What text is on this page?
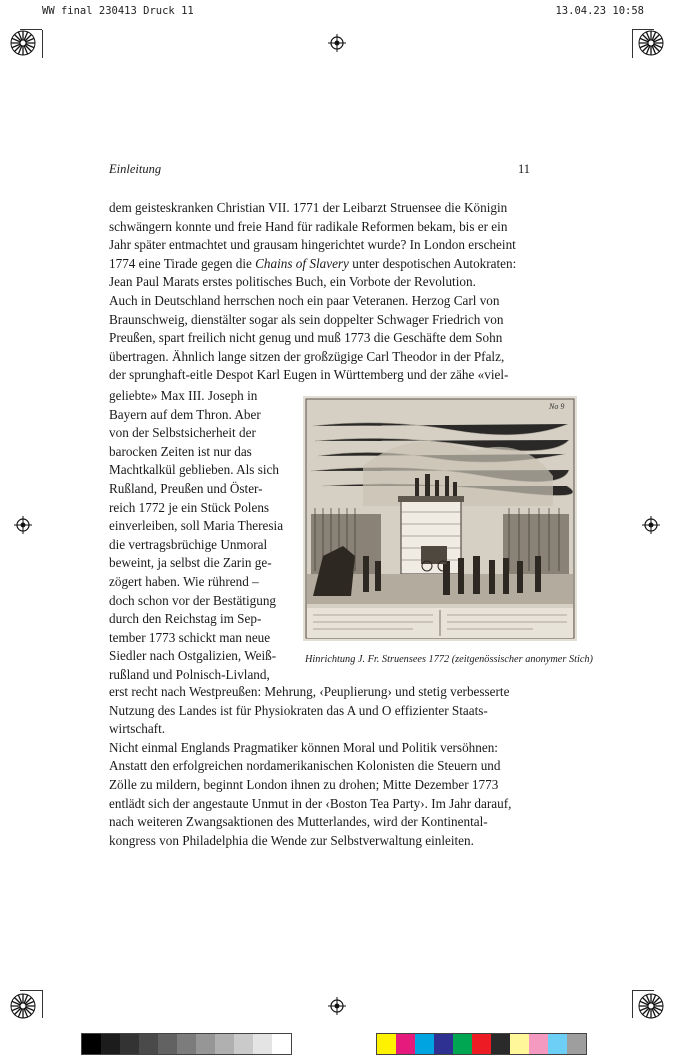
WW final 230413 Druck 11	13.04.23 10:58
Einleitung	11

dem geisteskranken Christian VII. 1771 der Leibarzt Struensee die Königin

schwängern konnte und freie Hand für radikale Reformen bekam, bis er ein

Jahr später entmachtet und grausam hingerichtet wurde? In London erscheint

1774 eine Tirade gegen die Chains of Slavery unter despotischen Autokraten:

Jean Paul Marats erstes politisches Buch, ein Vorbote der Revolution.

Auch in Deutschland herrschen noch ein paar Veteranen. Herzog Carl von

Braunschweig, dienstälter sogar als sein doppelter Schwager Friedrich von

Preußen, spart freilich nicht genug und muß 1773 die Geschäfte dem Sohn

übertragen. Ähnlich lange sitzen der großzügige Carl Theodor in der Pfalz,

der sprunghaft-eitle Despot Karl Eugen in Württemberg und der zähe «viel-

geliebte» Max III. Joseph in

Bayern auf dem Thron. Aber

von der Selbstsicherheit der

barocken Zeiten ist nur das

Machtkalkül geblieben. Als sich

Rußland, Preußen und Öster-

reich 1772 je ein Stück Polens

einverleiben, soll Maria Theresia

die vertragsbrüchige Unmoral

beweint, ja selbst die Zarin ge-

zögert haben. Wie rührend –

doch schon vor der Bestätigung

durch den Reichstag im Sep-

tember 1773 schickt man neue

Siedler nach Ostgalizien, Weiß-

rußland und Polnisch-Livland,

No 9
Hinrichtung J. Fr. Struensees 1772 (zeitgenössischer anonymer Stich)

erst recht nach Westpreußen: Mehrung, ‹Peuplierung› und stetig verbesserte

Nutzung des Landes ist für Physiokraten das A und O effizienter Staats-

wirtschaft.

Nicht einmal Englands Pragmatiker können Moral und Politik versöhnen:

Anstatt den erfolgreichen nordamerikanischen Kolonisten die Steuern und

Zölle zu mildern, beginnt London ihnen zu drohen; Mitte Dezember 1773

entlädt sich der angestaute Unmut in der ‹Boston Tea Party›. Im Jahr darauf,

nach weiteren Zwangsaktionen des Mutterlandes, wird der Kontinental-

kongress von Philadelphia die Wende zur Selbstverwaltung einleiten.
